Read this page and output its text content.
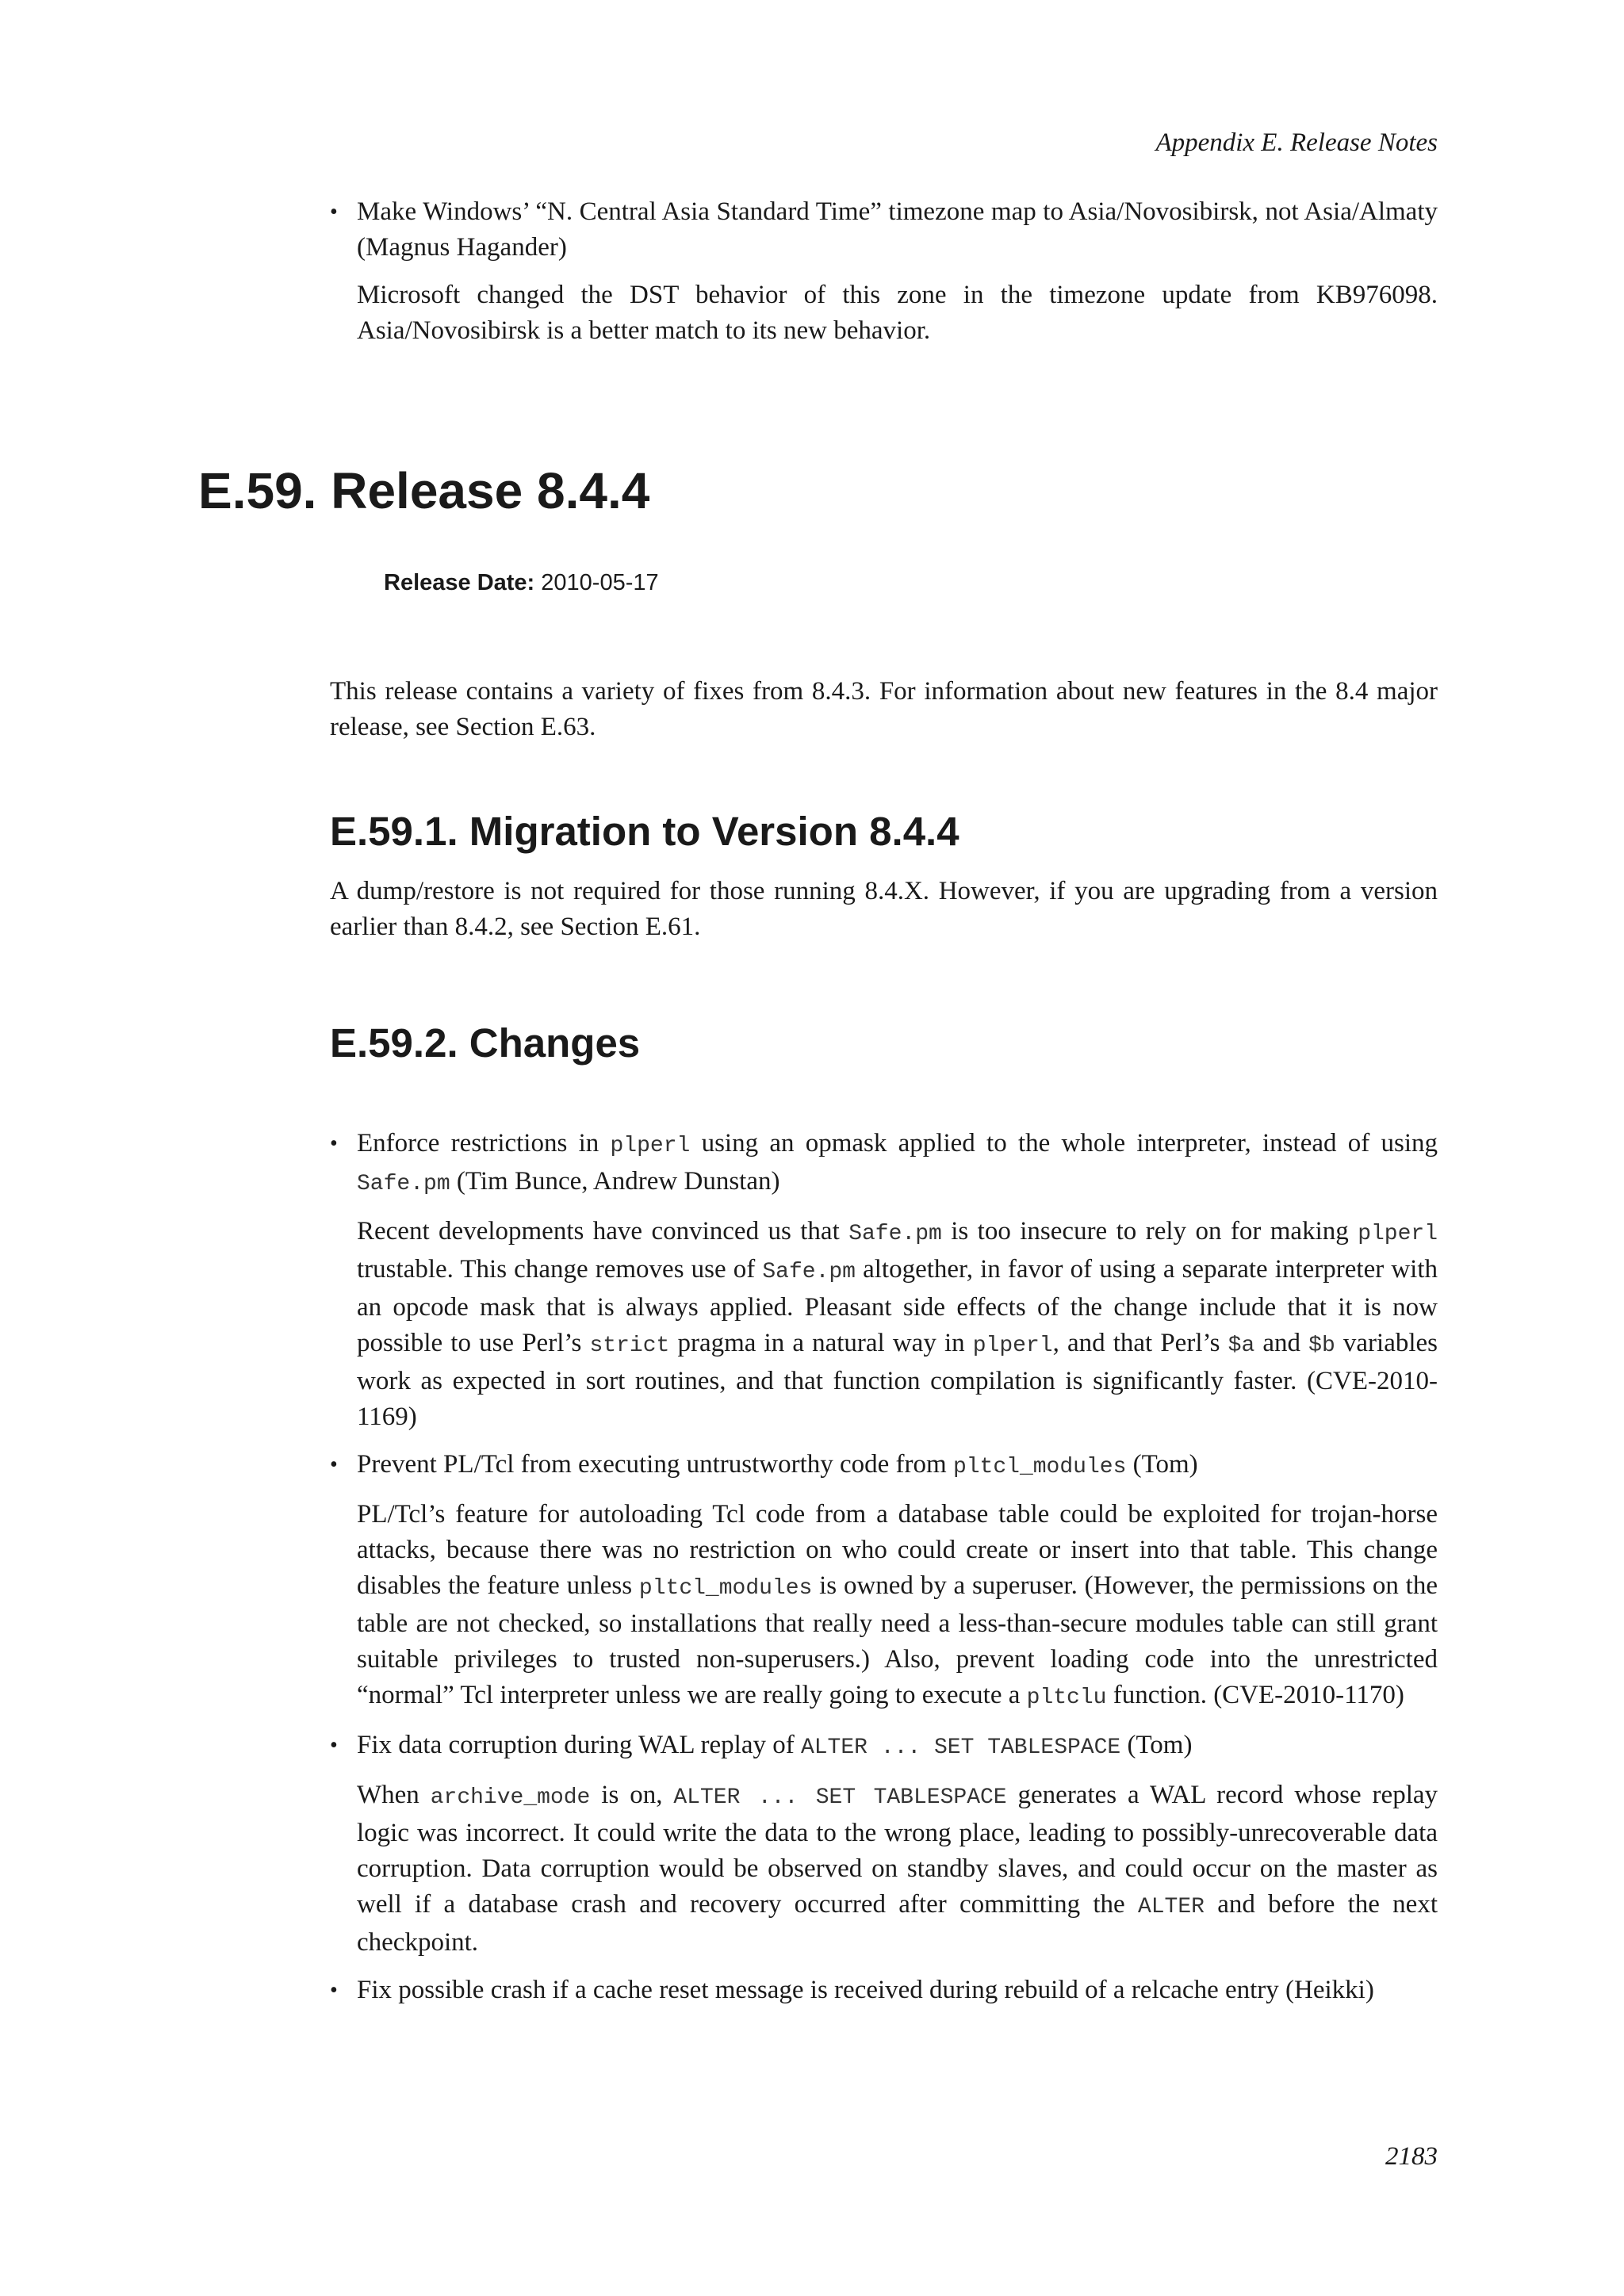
Appendix E. Release Notes
• Make Windows’ “N. Central Asia Standard Time” timezone map to Asia/Novosibirsk, not Asia/Almaty (Magnus Hagander)

Microsoft changed the DST behavior of this zone in the timezone update from KB976098. Asia/Novosibirsk is a better match to its new behavior.

E.59. Release 8.4.4
Release Date: 2010-05-17

This release contains a variety of fixes from 8.4.3. For information about new features in the 8.4 major release, see Section E.63.

E.59.1. Migration to Version 8.4.4

A dump/restore is not required for those running 8.4.X. However, if you are upgrading from a version earlier than 8.4.2, see Section E.61.

E.59.2. Changes
• Enforce restrictions in plperl using an opmask applied to the whole interpreter, instead of using Safe.pm (Tim Bunce, Andrew Dunstan)

Recent developments have convinced us that Safe.pm is too insecure to rely on for making plperl trustable. This change removes use of Safe.pm altogether, in favor of using a separate interpreter with an opcode mask that is always applied. Pleasant side effects of the change include that it is now possible to use Perl’s strict pragma in a natural way in plperl, and that Perl’s $a and $b variables work as expected in sort routines, and that function compilation is significantly faster. (CVE-2010-1169)

• Prevent PL/Tcl from executing untrustworthy code from pltcl_modules (Tom)

PL/Tcl’s feature for autoloading Tcl code from a database table could be exploited for trojan-horse attacks, because there was no restriction on who could create or insert into that table. This change disables the feature unless pltcl_modules is owned by a superuser. (However, the permissions on the table are not checked, so installations that really need a less-than-secure modules table can still grant suitable privileges to trusted non-superusers.) Also, prevent loading code into the unrestricted “normal” Tcl interpreter unless we are really going to execute a pltclu function. (CVE-2010-1170)

• Fix data corruption during WAL replay of ALTER ... SET TABLESPACE (Tom)

When archive_mode is on, ALTER ... SET TABLESPACE generates a WAL record whose replay logic was incorrect. It could write the data to the wrong place, leading to possibly-unrecoverable data corruption. Data corruption would be observed on standby slaves, and could occur on the master as well if a database crash and recovery occurred after committing the ALTER and before the next checkpoint.

• Fix possible crash if a cache reset message is received during rebuild of a relcache entry (Heikki)

2183
